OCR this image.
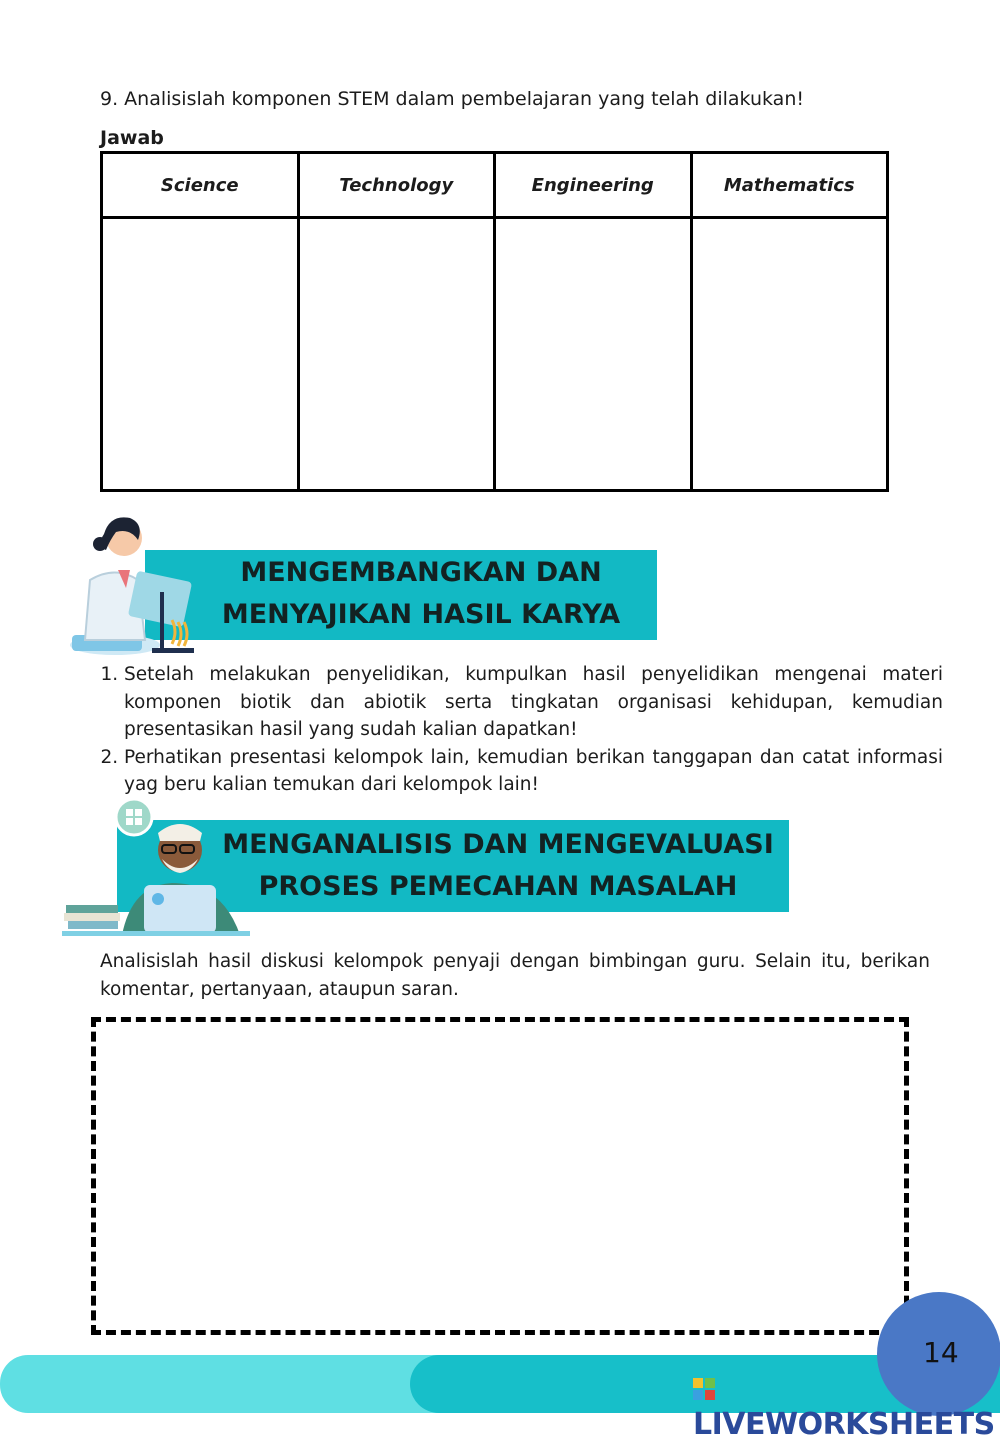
9. Analisislah komponen STEM dalam pembelajaran yang telah dilakukan!
Jawab
Science	Technology	Engineering	Mathematics

MENGEMBANGKAN DAN
MENYAJIKAN HASIL KARYA
1. Setelah melakukan penyelidikan, kumpulkan hasil penyelidikan mengenai materi komponen biotik dan abiotik serta tingkatan organisasi kehidupan, kemudian presentasikan hasil yang sudah kalian dapatkan!
2. Perhatikan presentasi kelompok lain, kemudian berikan tanggapan dan catat informasi yag beru kalian temukan dari kelompok lain!
MENGANALISIS DAN MENGEVALUASI
PROSES PEMECAHAN MASALAH
Analisislah hasil diskusi kelompok penyaji dengan bimbingan guru. Selain itu, berikan komentar, pertanyaan, ataupun saran.
14
LIVEWORKSHEETS
